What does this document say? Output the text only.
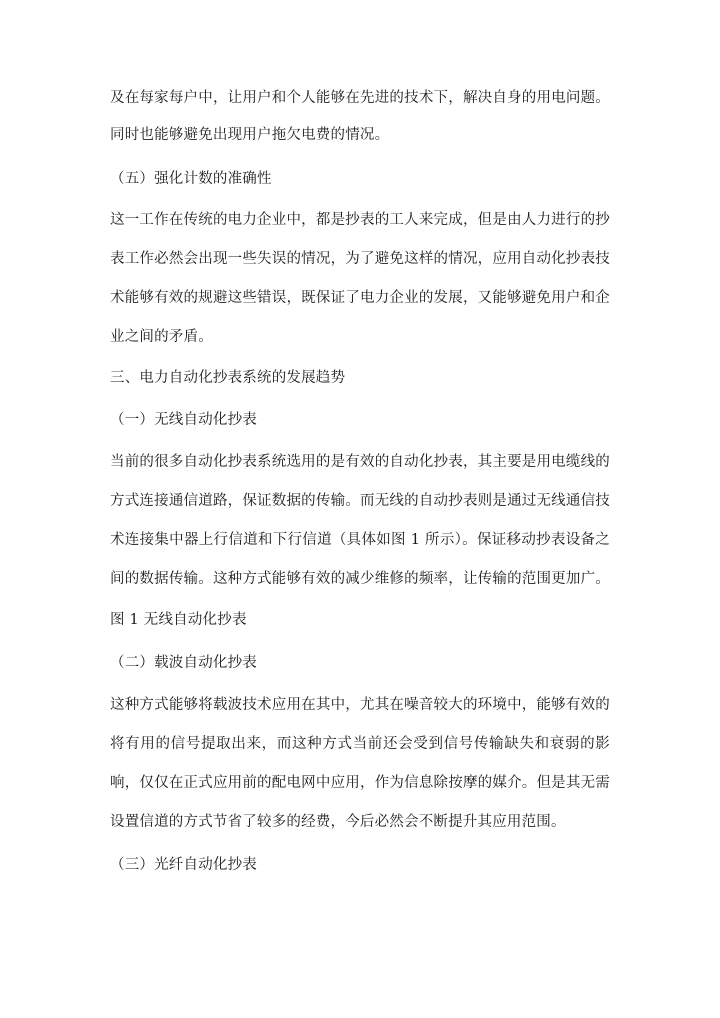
及在每家每户中，让用户和个人能够在先进的技术下，解决自身的用电问题。
同时也能够避免出现用户拖欠电费的情况。
（五）强化计数的准确性
这一工作在传统的电力企业中，都是抄表的工人来完成，但是由人力进行的抄
表工作必然会出现一些失误的情况，为了避免这样的情况，应用自动化抄表技
术能够有效的规避这些错误，既保证了电力企业的发展，又能够避免用户和企
业之间的矛盾。
三、电力自动化抄表系统的发展趋势
（一）无线自动化抄表
当前的很多自动化抄表系统选用的是有效的自动化抄表，其主要是用电缆线的
方式连接通信道路，保证数据的传输。而无线的自动抄表则是通过无线通信技
术连接集中器上行信道和下行信道（具体如图 1 所示）。保证移动抄表设备之
间的数据传输。这种方式能够有效的减少维修的频率，让传输的范围更加广。
图 1 无线自动化抄表
（二）载波自动化抄表
这种方式能够将载波技术应用在其中，尤其在噪音较大的环境中，能够有效的
将有用的信号提取出来，而这种方式当前还会受到信号传输缺失和衰弱的影
响，仅仅在正式应用前的配电网中应用，作为信息除按摩的媒介。但是其无需
设置信道的方式节省了较多的经费，今后必然会不断提升其应用范围。
（三）光纤自动化抄表
